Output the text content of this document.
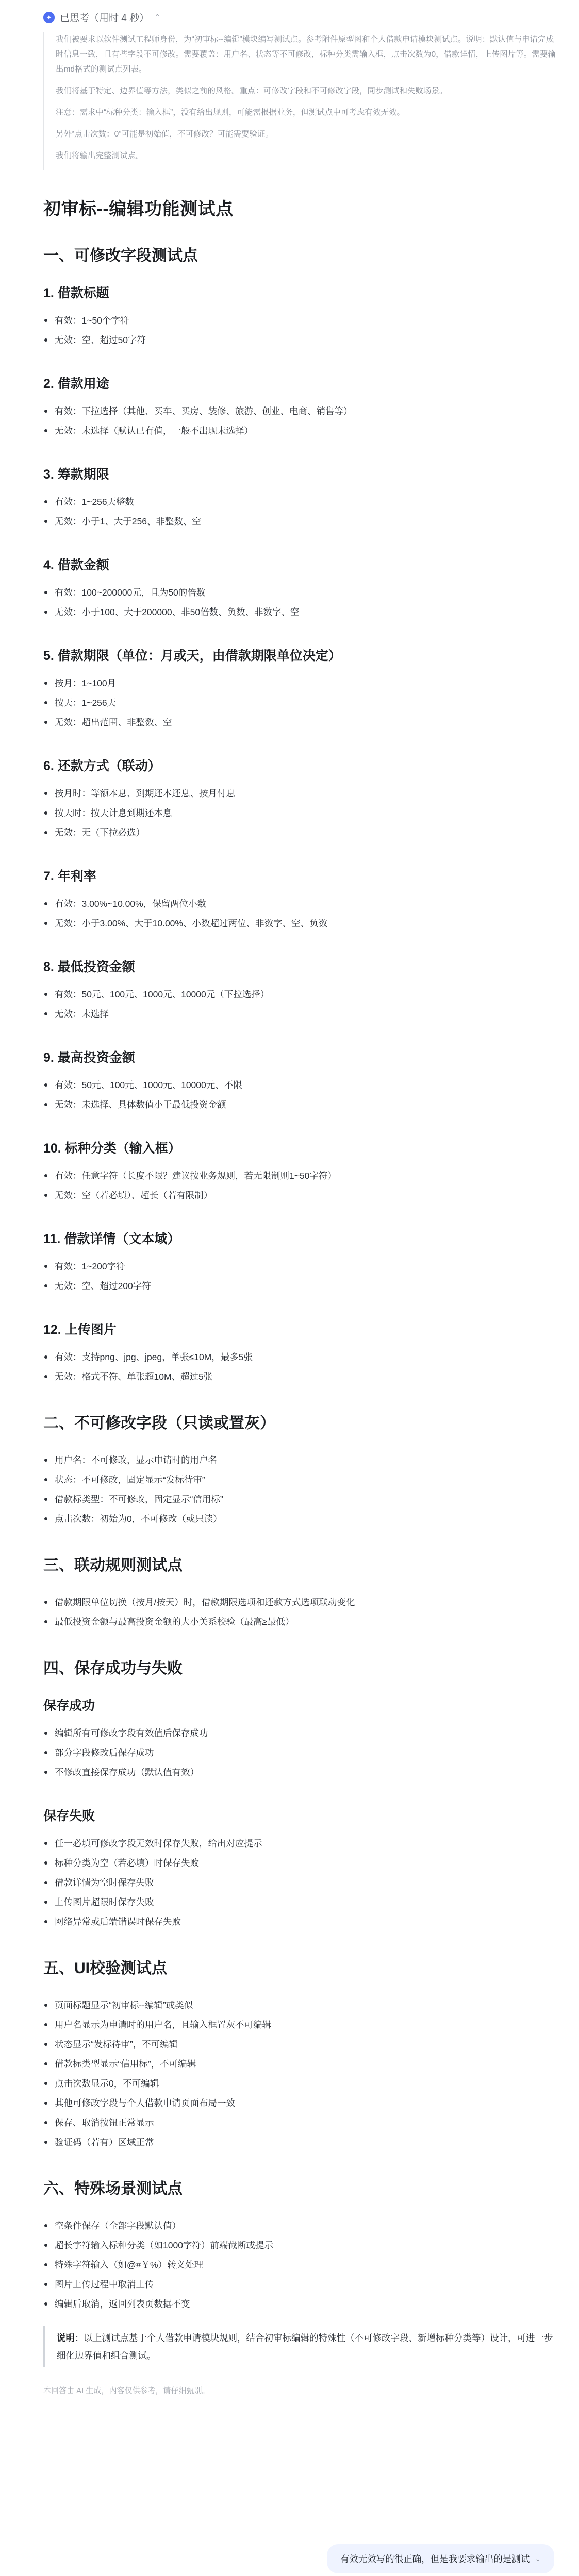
✦ 已思考（用时 4 秒） ⌃

我们被要求以软件测试工程师身份，为“初审标--编辑”模块编写测试点。参考附件原型图和个人借款申请模块测试点。说明：默认值与申请完成时信息一致，且有些字段不可修改。需要覆盖：用户名、状态等不可修改，标种分类需输入框，点击次数为0，借款详情，上传图片等。需要输出md格式的测试点列表。

我们将基于特定、边界值等方法，类似之前的风格。重点：可修改字段和不可修改字段，同步测试和失败场景。

注意：需求中“标种分类：输入框”，没有给出规则，可能需根据业务，但测试点中可考虑有效无效。

另外“点击次数：0”可能是初始值，不可修改？可能需要验证。

我们将输出完整测试点。

初审标--编辑功能测试点
一、可修改字段测试点
1. 借款标题
有效：1~50个字符
无效：空、超过50字符
2. 借款用途
有效：下拉选择（其他、买车、买房、装修、旅游、创业、电商、销售等）
无效：未选择（默认已有值，一般不出现未选择）
3. 筹款期限
有效：1~256天整数
无效：小于1、大于256、非整数、空
4. 借款金额
有效：100~200000元，且为50的倍数
无效：小于100、大于200000、非50倍数、负数、非数字、空
5. 借款期限（单位：月或天，由借款期限单位决定）
按月：1~100月
按天：1~256天
无效：超出范围、非整数、空
6. 还款方式（联动）
按月时：等额本息、到期还本还息、按月付息
按天时：按天计息到期还本息
无效：无（下拉必选）
7. 年利率
有效：3.00%~10.00%，保留两位小数
无效：小于3.00%、大于10.00%、小数超过两位、非数字、空、负数
8. 最低投资金额
有效：50元、100元、1000元、10000元（下拉选择）
无效：未选择
9. 最高投资金额
有效：50元、100元、1000元、10000元、不限
无效：未选择、具体数值小于最低投资金额
10. 标种分类（输入框）
有效：任意字符（长度不限？建议按业务规则，若无限制则1~50字符）
无效：空（若必填）、超长（若有限制）
11. 借款详情（文本域）
有效：1~200字符
无效：空、超过200字符
12. 上传图片
有效：支持png、jpg、jpeg，单张≤10M，最多5张
无效：格式不符、单张超10M、超过5张
二、不可修改字段（只读或置灰）
用户名：不可修改，显示申请时的用户名
状态：不可修改，固定显示“发标待审”
借款标类型：不可修改，固定显示“信用标”
点击次数：初始为0，不可修改（或只读）
三、联动规则测试点
借款期限单位切换（按月/按天）时，借款期限选项和还款方式选项联动变化
最低投资金额与最高投资金额的大小关系校验（最高≥最低）
四、保存成功与失败
保存成功
编辑所有可修改字段有效值后保存成功
部分字段修改后保存成功
不修改直接保存成功（默认值有效）
保存失败
任一必填可修改字段无效时保存失败，给出对应提示
标种分类为空（若必填）时保存失败
借款详情为空时保存失败
上传图片超限时保存失败
网络异常或后端错误时保存失败
五、UI校验测试点
页面标题显示“初审标--编辑”或类似
用户名显示为申请时的用户名，且输入框置灰不可编辑
状态显示“发标待审”，不可编辑
借款标类型显示“信用标”，不可编辑
点击次数显示0，不可编辑
其他可修改字段与个人借款申请页面布局一致
保存、取消按钮正常显示
验证码（若有）区域正常
六、特殊场景测试点
空条件保存（全部字段默认值）
超长字符输入标种分类（如1000字符）前端截断或提示
特殊字符输入（如@#￥%）转义处理
图片上传过程中取消上传
编辑后取消，返回列表页数据不变
说明：以上测试点基于个人借款申请模块规则，结合初审标编辑的特殊性（不可修改字段、新增标种分类等）设计，可进一步细化边界值和组合测试。
本回答由 AI 生成，内容仅供参考，请仔细甄别。
有效无效写的很正确，但是我要求输出的是测试 ⌄
